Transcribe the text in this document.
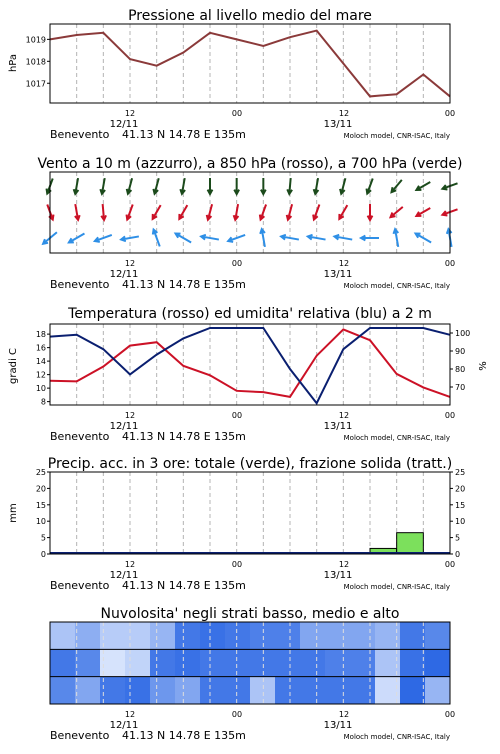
Pressione al livello medio del mare
hPa
1017
1018
1019
12	00	12	00
12/11	13/11
Benevento 41.13 N 14.78 E 135m	Moloch model, CNR-ISAC, Italy
Vento a 10 m (azzurro), a 850 hPa (rosso), a 700 hPa (verde)
12	00	12	00
12/11	13/11
Benevento 41.13 N 14.78 E 135m	Moloch model, CNR-ISAC, Italy
Temperatura (rosso) ed umidita' relativa (blu) a 2 m
gradi C	%
8
10
12
14
16
18
70
80
90
100
12	00	12	00
12/11	13/11
Benevento 41.13 N 14.78 E 135m	Moloch model, CNR-ISAC, Italy
Precip. acc. in 3 ore: totale (verde), frazione solida (tratt.)
mm
0	0
5	5
10	10
15	15
20	20
25	25
12	00	12	00
12/11	13/11
Benevento 41.13 N 14.78 E 135m	Moloch model, CNR-ISAC, Italy
Nuvolosita' negli strati basso, medio e alto
12	00	12	00
12/11	13/11
Benevento 41.13 N 14.78 E 135m	Moloch model, CNR-ISAC, Italy
